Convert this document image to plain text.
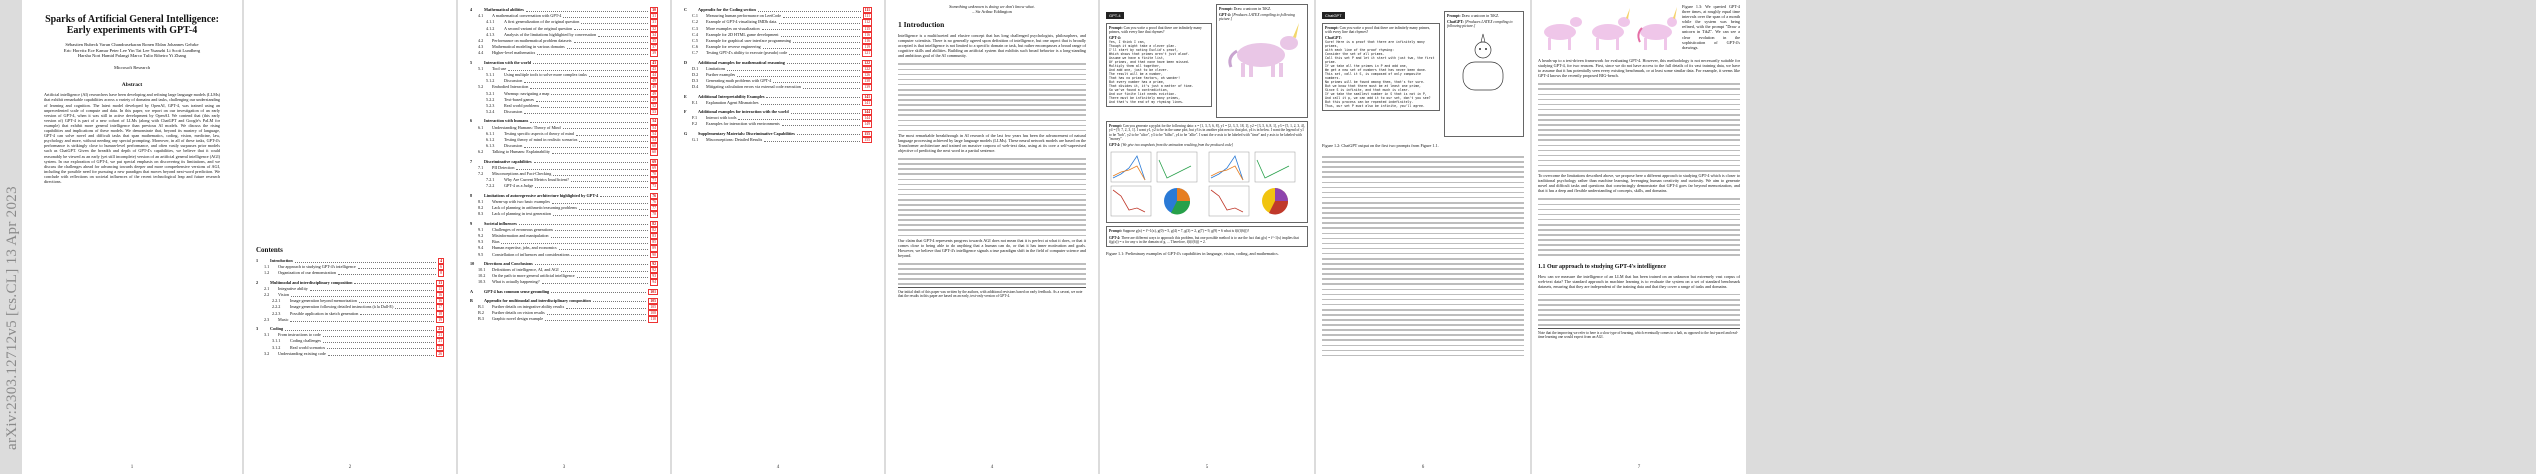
arXiv:2303.12712v5 [cs.CL] 13 Apr 2023
Sparks of Artificial General Intelligence:
Early experiments with GPT-4
Sébastien Bubeck Varun Chandrasekaran Ronen Eldan Johannes Gehrke
Eric Horvitz Ece Kamar Peter Lee Yin Tat Lee Yuanzhi Li Scott Lundberg
Harsha Nori Hamid Palangi Marco Tulio Ribeiro Yi Zhang
Microsoft Research
Abstract
Artificial intelligence (AI) researchers have been developing and refining large language models (LLMs) that exhibit remarkable capabilities across a variety of domains and tasks, challenging our understanding of learning and cognition. The latest model developed by OpenAI, GPT-4, was trained using an unprecedented scale of compute and data. In this paper, we report on our investigation of an early version of GPT-4, when it was still in active development by OpenAI. We contend that (this early version of) GPT-4 is part of a new cohort of LLMs (along with ChatGPT and Google's PaLM for example) that exhibit more general intelligence than previous AI models. We discuss the rising capabilities and implications of these models. We demonstrate that, beyond its mastery of language, GPT-4 can solve novel and difficult tasks that span mathematics, coding, vision, medicine, law, psychology and more, without needing any special prompting. Moreover, in all of these tasks, GPT-4's performance is strikingly close to human-level performance, and often vastly surpasses prior models such as ChatGPT. Given the breadth and depth of GPT-4's capabilities, we believe that it could reasonably be viewed as an early (yet still incomplete) version of an artificial general intelligence (AGI) system. In our exploration of GPT-4, we put special emphasis on discovering its limitations, and we discuss the challenges ahead for advancing towards deeper and more comprehensive versions of AGI, including the possible need for pursuing a new paradigm that moves beyond next-word prediction. We conclude with reflections on societal influences of the recent technological leap and future research directions.
1
Contents
1	Introduction	4
1.1	Our approach to studying GPT-4's intelligence	6
1.2	Organization of our demonstration	8
2	Multimodal and interdisciplinary composition	13
2.1	Integrative ability	13
2.2	Vision	16
2.2.1	Image generation beyond memorization	16
2.2.2	Image generation following detailed instructions (à la Dall-E)	17
2.2.3	Possible application in sketch generation	18
2.3	Music	19
3	Coding	21
3.1	From instructions to code	21
3.1.1	Coding challenges	21
3.1.2	Real world scenarios	22
3.2	Understanding existing code	26
2
4	Mathematical abilities	30
4.1	A mathematical conversation with GPT-4	31
4.1.1	A first generalization of the original question	31
4.1.2	A second variant of the original question	32
4.1.3	Analysis of the limitations highlighted by conversation	34
4.2	Performance on mathematical problem datasets	35
4.3	Mathematical modeling in various domains	37
4.4	Higher-level mathematics	39
5	Interaction with the world	43
5.1	Tool use	43
5.1.1	Using multiple tools to solve more complex tasks	44
5.1.2	Discussion	49
5.2	Embodied Interaction	49
5.2.1	Warmup: navigating a map	49
5.2.2	Text-based games	49
5.2.3	Real world problems	52
5.2.4	Discussion	53
6	Interaction with humans	54
6.1	Understanding Humans: Theory of Mind	54
6.1.1	Testing specific aspects of theory of mind	54
6.1.2	Testing theory of mind in realistic scenarios	54
6.1.3	Discussion	60
6.2	Talking to Humans: Explainability	60
7	Discriminative capabilities	69
7.1	PII Detection	69
7.2	Misconceptions and Fact-Checking	70
7.2.1	Why Are Current Metrics Insufficient?	71
7.2.2	GPT-4 as a Judge	73
8	Limitations of autoregressive architecture highlighted by GPT-4	76
8.1	Warm-up with two basic examples	76
8.2	Lack of planning in arithmetic/reasoning problems	77
8.3	Lack of planning in text generation	78
9	Societal influences	82
9.1	Challenges of erroneous generations	82
9.2	Misinformation and manipulation	83
9.3	Bias	85
9.4	Human expertise, jobs, and economics	89
9.5	Constellation of influences and considerations	90
10	Directions and Conclusions	92
10.1	Definitions of intelligence, AI, and AGI	92
10.2	On the path to more general artificial intelligence	93
10.3	What is actually happening?	94
A	GPT-4 has common sense grounding	101
B	Appendix for multimodal and interdisciplinary composition	105
B.1	Further details on integrative ability results	105
B.2	Further details on vision results	108
B.3	Graphic novel design example	110
3
C	Appendix for the Coding section	111
C.1	Measuring human performance on LeetCode	111
C.2	Example of GPT-4 visualizing IMDb data.	112
C.3	More examples on visualization	115
C.4	Example for 2D HTML game development	116
C.5	Example for graphical user interface programming	116
C.6	Example for reverse engineering	119
C.7	Testing GPT-4's ability to execute (pseudo) code	121
D	Additional examples for mathematical reasoning	122
D.1	Limitations	122
D.2	Further examples	126
D.3	Generating math problems with GPT-4	138
D.4	Mitigating calculation errors via external code execution	139
E	Additional Interpretability Examples	141
E.1	Explanation Agent Mismatches	141
F	Additional examples for interaction with the world	144
F.1	Interact with tools	144
F.2	Examples for interaction with environments	149
G	Supplementary Materials: Discriminative Capabilities	155
G.1	Misconceptions: Detailed Results	155
4
Something unknown is doing we don't know what.
– Sir Arthur Eddington
1 Introduction
Intelligence is a multifaceted and elusive concept that has long challenged psychologists, philosophers, and computer scientists. There is no generally agreed upon definition of intelligence, but one aspect that is broadly accepted is that intelligence is not limited to a specific domain or task, but rather encompasses a broad range of cognitive skills and abilities. Building an artificial system that exhibits such broad behavior is a long-standing and ambitious goal of the AI community.
The most remarkable breakthrough in AI research of the last few years has been the advancement of natural language processing achieved by large language models (LLMs). These neural network models are based on the Transformer architecture and trained on massive corpora of web-text data, using at its core a self-supervised objective of predicting the next word in a partial sentence.
Our claim that GPT-4 represents progress towards AGI does not mean that it is perfect at what it does, or that it comes close to being able to do anything that a human can do, or that it has inner motivation and goals. However, we believe that GPT-4's intelligence signals a true paradigm shift in the field of computer science and beyond.
Our initial draft of this paper was written by the authors, with additional revisions based on early feedback. As a caveat, we note that the results in this paper are based on an early, text-only version of GPT-4.
4
GPT-4
Prompt: Can you write a proof that there are infinitely many primes, with every line that rhymes?
GPT-4:
Yes, I think I can,
Though it might take a clever plan.
I'll start by noting Euclid's proof,
Which shows that primes aren't just aloof.
Assume we have a finite list,
Of primes, and that none have been missed.
Multiply them all together,
And add one, just to be clever.
The result will be a number,
That has no prime factors, oh wonder!
But every number has a prime,
That divides it, it's just a matter of time.
So we've found a contradiction,
And our finite list needs eviction.
There must be infinitely many primes,
And that's the end of my rhyming lines.
Prompt: Draw a unicorn in TiKZ.
GPT-4: [Produces LATEX compiling to following picture.]
Prompt: Can you generate a pyplot for the following data: x = [1, 3, 5, 6, 8], y1 = [2, 3, 5, 18, 1], y2 = [3, 5, 6, 8, 1], y3 = [5, 1, 2, 3, 4], y4 = [9, 7, 2, 3, 1]. I want y1, y2 to be in the same plot, but y3 is in another plot next to that plot, y4 is in below. I want the legend of y1 to be "bob", y2 to be "alice", y3 to be "bilbo", y4 to be "allie". I want the x-axis to be labeled with "time" and y axis to be labeled with "money".
GPT-4: [We give two snapshots from the animation resulting from the produced code]
Prompt: Suppose g(x) = f^-1(x), g(0) = 5, g(4) = 7, g(3) = 2, g(7) = 9, g(9) = 6 what is f(f(f(6)))?
GPT-4: There are different ways to approach this problem, but one possible method is to use the fact that g(x) = f^-1(x) implies that f(g(x)) = x for any x in the domain of g. ... Therefore, f(f(f(6))) = 2.
Figure 1.1: Preliminary examples of GPT-4's capabilities in language, vision, coding, and mathematics.
5
ChatGPT
Prompt: Can you write a proof that there are infinitely many primes, with every line that rhymes?
ChatGPT:
Sure! Here is a proof that there are infinitely many primes,
with each line of the proof rhyming:
Consider the set of all primes.
Call this set P and let it start with just two, the first prime.
If we take all the primes in P and add one,
We get a new set of numbers that has never been done.
This set, call it S, is composed of only composite numbers.
No primes will be found among them, that's for sure.
But we know that there must be at least one prime,
Since S is infinite, and that much is clear.
If we take the smallest number in S that is not in P,
And call it p, we can add it to our set, don't you see?
But this process can be repeated indefinitely.
Thus, our set P must also be infinite, you'll agree.
Prompt: Draw a unicorn in TiKZ.
ChatGPT: [Produces LATEX compiling to following picture.]
Figure 1.2: ChatGPT output on the first two prompts from Figure 1.1.
6
Figure 1.3: We queried GPT-4 three times, at roughly equal time intervals over the span of a month while the system was being refined, with the prompt "Draw a unicorn in TikZ". We can see a clear evolution in the sophistication of GPT-4's drawings.
A heads-up to a test-driven framework for evaluating GPT-4. However, this methodology is not necessarily suitable for studying GPT-4, for two reasons. First, since we do not have access to the full details of its vast training data, we have to assume that it has potentially seen every existing benchmark, or at least some similar data. For example, it seems like GPT-4 knows the recently proposed BIG-bench.
To overcome the limitations described above, we propose here a different approach to studying GPT-4 which is closer to traditional psychology rather than machine learning, leveraging human creativity and curiosity. We aim to generate novel and difficult tasks and questions that convincingly demonstrate that GPT-4 goes far beyond memorization, and that it has a deep and flexible understanding of concepts, skills, and domains.
1.1 Our approach to studying GPT-4's intelligence
How can we measure the intelligence of an LLM that has been trained on an unknown but extremely vast corpus of web-text data? The standard approach in machine learning is to evaluate the system on a set of standard benchmark datasets, ensuring that they are independent of the training data and that they cover a range of tasks and domains.
Note that the improving we refer to here is a slow type of learning, which eventually comes to a halt, as opposed to the fast-paced and real-time learning one would expect from an AGI.
7
